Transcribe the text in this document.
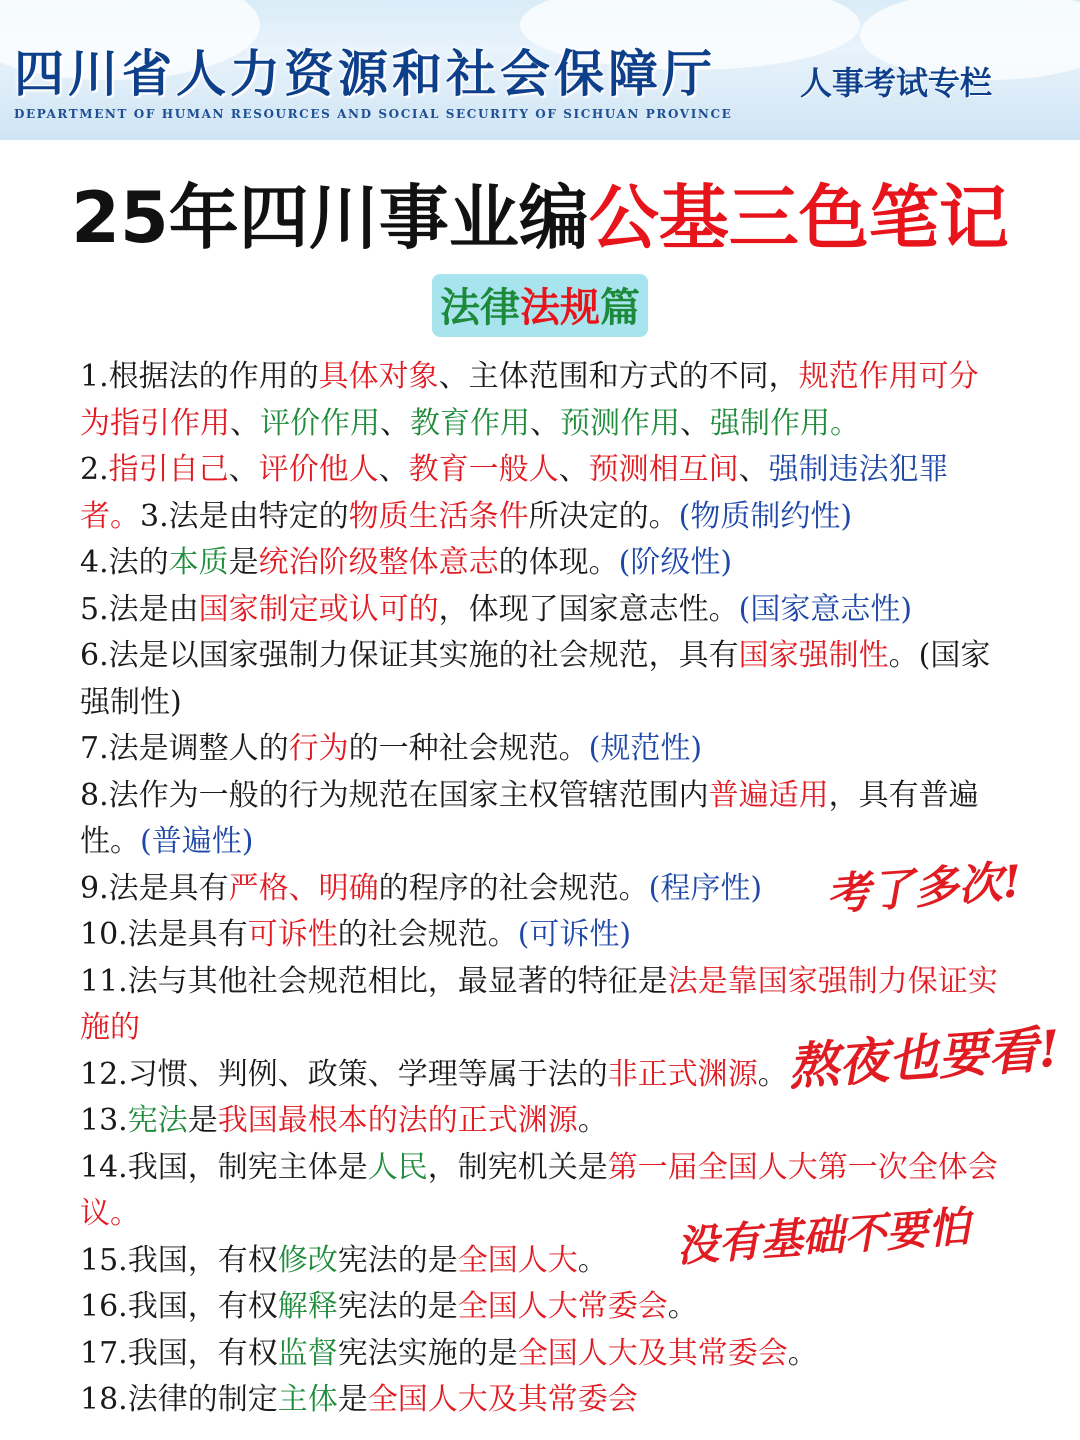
四川省人力资源和社会保障厅
DEPARTMENT OF HUMAN RESOURCES AND SOCIAL SECURITY OF SICHUAN PROVINCE
人事考试专栏
25年四川事业编公基三色笔记
法律法规篇
1.根据法的作用的具体对象、主体范围和方式的不同，规范作用可分
为指引作用、评价作用、教育作用、预测作用、强制作用。
2.指引自己、评价他人、教育一般人、预测相互间、强制违法犯罪
者。3.法是由特定的物质生活条件所决定的。(物质制约性)
4.法的本质是统治阶级整体意志的体现。(阶级性)
5.法是由国家制定或认可的，体现了国家意志性。(国家意志性)
6.法是以国家强制力保证其实施的社会规范，具有国家强制性。(国家
强制性)
7.法是调整人的行为的一种社会规范。(规范性)
8.法作为一般的行为规范在国家主权管辖范围内普遍适用，具有普遍
性。(普遍性)
9.法是具有严格、明确的程序的社会规范。(程序性)
10.法是具有可诉性的社会规范。(可诉性)
11.法与其他社会规范相比，最显著的特征是法是靠国家强制力保证实
施的
12.习惯、判例、政策、学理等属于法的非正式渊源。
13.宪法是我国最根本的法的正式渊源。
14.我国，制宪主体是人民，制宪机关是第一届全国人大第一次全体会
议。
15.我国，有权修改宪法的是全国人大。
16.我国，有权解释宪法的是全国人大常委会。
17.我国，有权监督宪法实施的是全国人大及其常委会。
18.法律的制定主体是全国人大及其常委会
考了多次!
熬夜也要看!
没有基础不要怕
